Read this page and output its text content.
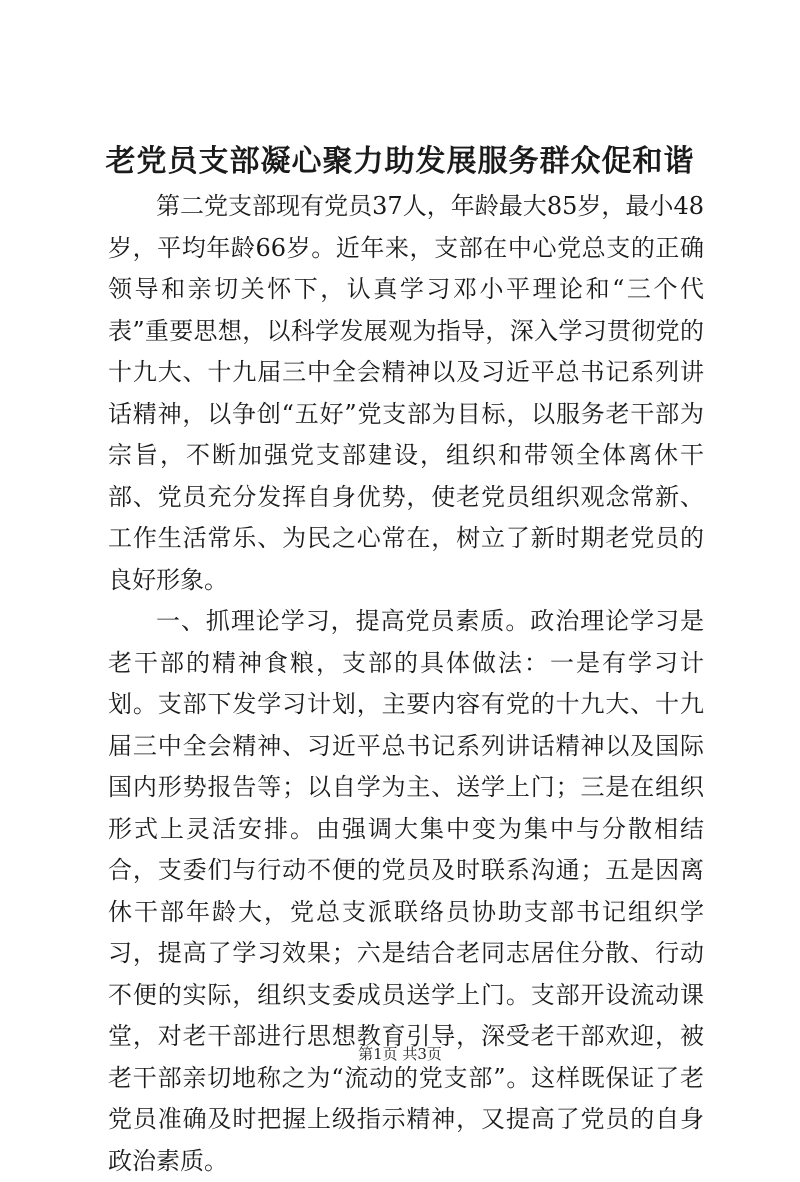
老党员支部凝心聚力助发展服务群众促和谐

第二党支部现有党员37人，年龄最大85岁，最小48岁，平均年龄66岁。近年来，支部在中心党总支的正确领导和亲切关怀下，认真学习邓小平理论和“三个代表”重要思想，以科学发展观为指导，深入学习贯彻党的十九大、十九届三中全会精神以及习近平总书记系列讲话精神，以争创“五好”党支部为目标，以服务老干部为宗旨，不断加强党支部建设，组织和带领全体离休干部、党员充分发挥自身优势，使老党员组织观念常新、工作生活常乐、为民之心常在，树立了新时期老党员的良好形象。

一、抓理论学习，提高党员素质。政治理论学习是老干部的精神食粮，支部的具体做法：一是有学习计划。支部下发学习计划，主要内容有党的十九大、十九届三中全会精神、习近平总书记系列讲话精神以及国际国内形势报告等；以自学为主、送学上门；三是在组织形式上灵活安排。由强调大集中变为集中与分散相结合，支委们与行动不便的党员及时联系沟通；五是因离休干部年龄大，党总支派联络员协助支部书记组织学习，提高了学习效果；六是结合老同志居住分散、行动不便的实际，组织支委成员送学上门。支部开设流动课堂，对老干部进行思想教育引导，深受老干部欢迎，被老干部亲切地称之为“流动的党支部”。这样既保证了老党员准确及时把握上级指示精神，又提高了党员的自身政治素质。

第1页 共3页
